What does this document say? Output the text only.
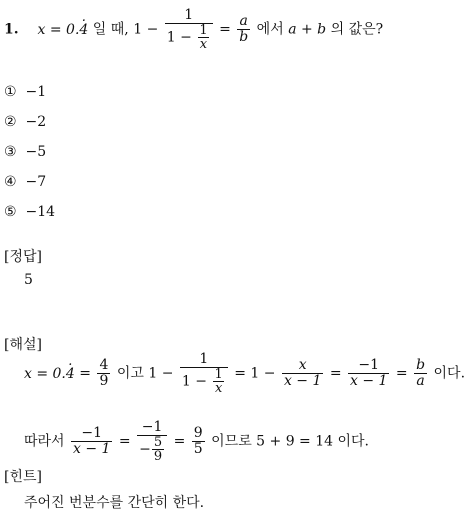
1. x = 0.. 4 일 때, $1 - \frac{1}{1 - \frac{1}{x}} = \frac{a}{b}$ 에서 a + b 의 값은?
① −1
② −2
③ −5
④ −7
⑤ −14
[정답]
5
[해설]
x = 0.. $4 = \frac{4}{9}$ 이고 $1 - \frac{1}{1 - \frac{1}{x}} = 1 - \frac{x}{x - 1} = \frac{-1}{x - 1} = \frac{b}{a}$ 이다.
따라서 $\frac{-1}{x - 1} = \frac{-1}{- \frac{5}{9}} = \frac{9}{5}$ 이므로 5 + 9 = 14 이다.
[힌트]
주어진 번분수를 간단히 한다.
